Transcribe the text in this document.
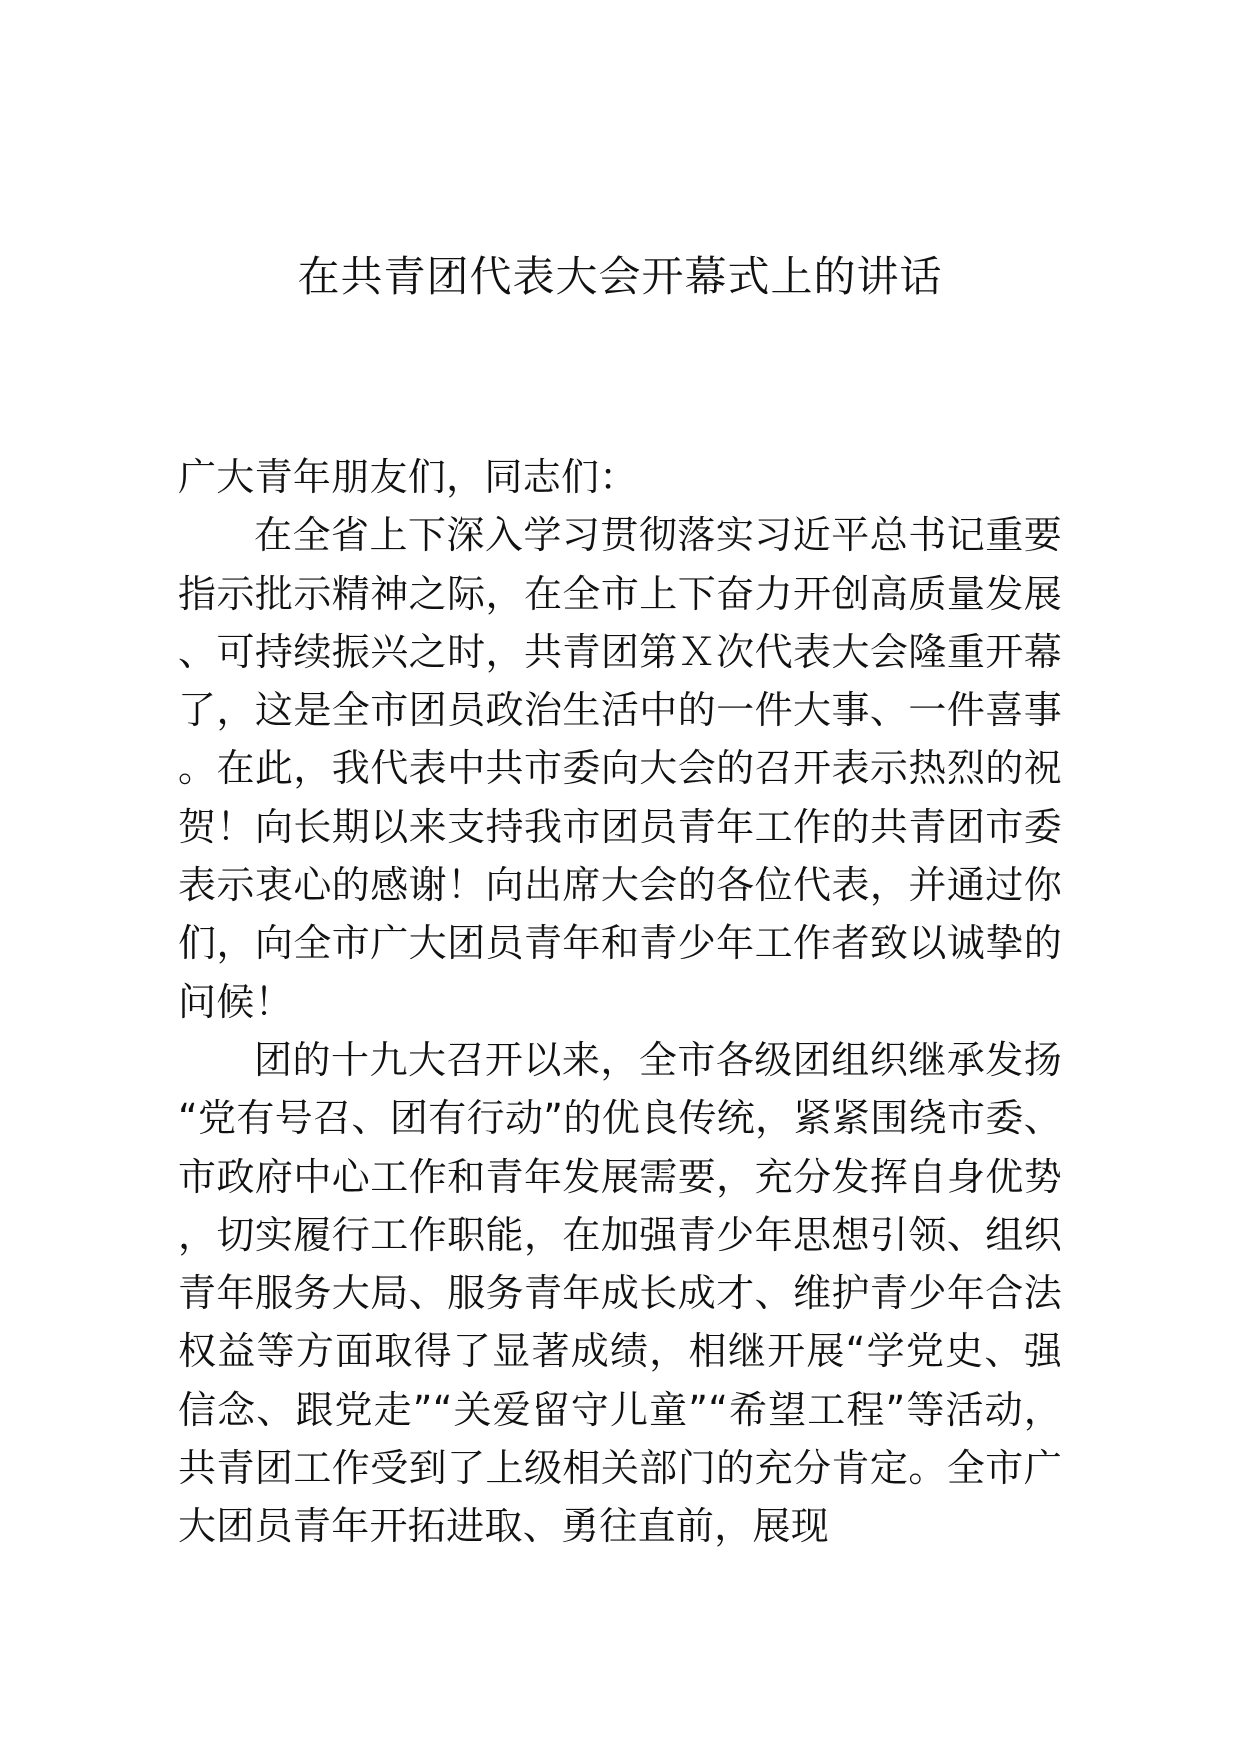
在共青团代表大会开幕式上的讲话

广大青年朋友们，同志们：

在全省上下深入学习贯彻落实习近平总书记重要指示批示精神之际，在全市上下奋力开创高质量发展、可持续振兴之时，共青团第Ｘ次代表大会隆重开幕了，这是全市团员政治生活中的一件大事、一件喜事。在此，我代表中共市委向大会的召开表示热烈的祝贺！向长期以来支持我市团员青年工作的共青团市委表示衷心的感谢！向出席大会的各位代表，并通过你们，向全市广大团员青年和青少年工作者致以诚挚的问候！

团的十九大召开以来，全市各级团组织继承发扬“党有号召、团有行动”的优良传统，紧紧围绕市委、市政府中心工作和青年发展需要，充分发挥自身优势，切实履行工作职能，在加强青少年思想引领、组织青年服务大局、服务青年成长成才、维护青少年合法权益等方面取得了显著成绩，相继开展“学党史、强信念、跟党走”“关爱留守儿童”“希望工程”等活动，共青团工作受到了上级相关部门的充分肯定。全市广大团员青年开拓进取、勇往直前，展现
